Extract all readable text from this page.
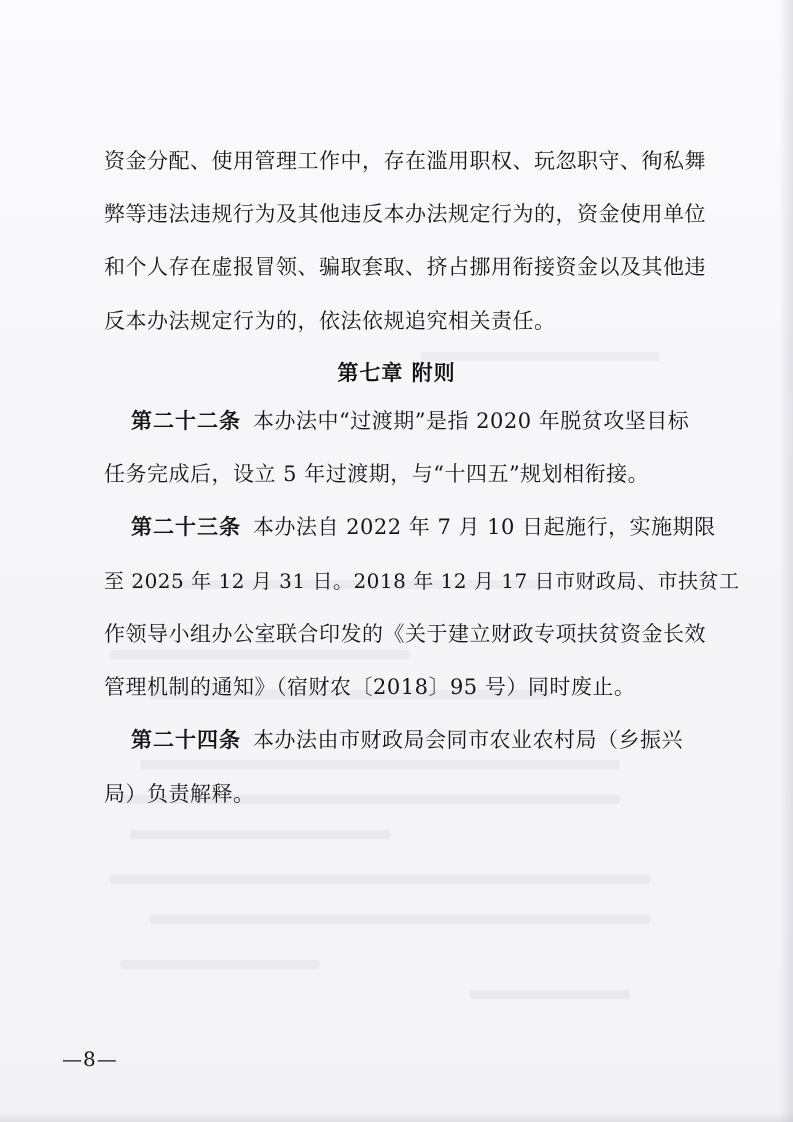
资金分配、使用管理工作中，存在滥用职权、玩忽职守、徇私舞
弊等违法违规行为及其他违反本办法规定行为的，资金使用单位
和个人存在虚报冒领、骗取套取、挤占挪用衔接资金以及其他违
反本办法规定行为的，依法依规追究相关责任。
第七章 附则
第二十二条 本办法中“过渡期”是指 2020 年脱贫攻坚目标
任务完成后，设立 5 年过渡期，与“十四五”规划相衔接。
第二十三条 本办法自 2022 年 7 月 10 日起施行，实施期限
至 2025 年 12 月 31 日。2018 年 12 月 17 日市财政局、市扶贫工
作领导小组办公室联合印发的《关于建立财政专项扶贫资金长效
管理机制的通知》（宿财农〔2018〕95 号）同时废止。
第二十四条 本办法由市财政局会同市农业农村局（乡振兴
局）负责解释。
—8—
